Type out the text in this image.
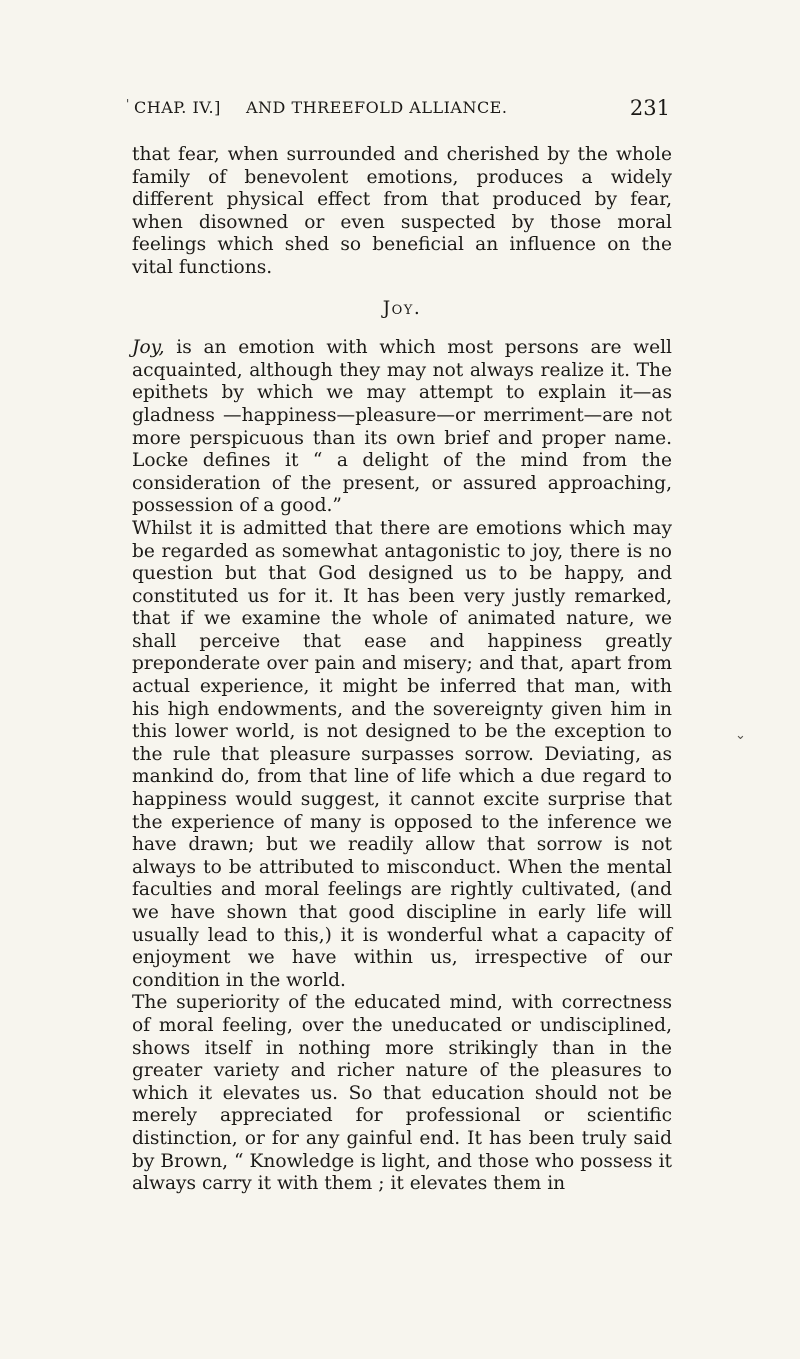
' CHAP. IV.] AND THREEFOLD ALLIANCE.	231

that fear, when surrounded and cherished by the whole family of benevolent emotions, produces a widely different physical effect from that produced by fear, when disowned or even suspected by those moral feelings which shed so beneficial an influence on the vital functions.

Joy.

Joy, is an emotion with which most persons are well acquainted, although they may not always realize it. The epithets by which we may attempt to explain it—as gladness —happiness—pleasure—or merriment—are not more perspicuous than its own brief and proper name. Locke defines it “ a delight of the mind from the consideration of the present, or assured approaching, possession of a good.”

Whilst it is admitted that there are emotions which may be regarded as somewhat antagonistic to joy, there is no question but that God designed us to be happy, and constituted us for it. It has been very justly remarked, that if we examine the whole of animated nature, we shall perceive that ease and happiness greatly preponderate over pain and misery; and that, apart from actual experience, it might be inferred that man, with his high endowments, and the sovereignty given him in this lower world, is not designed to be the exception to the rule that pleasure surpasses sorrow. Deviating, as mankind do, from that line of life which a due regard to happiness would suggest, it cannot excite surprise that the experience of many is opposed to the inference we have drawn; but we readily allow that sorrow is not always to be attributed to misconduct. When the mental faculties and moral feelings are rightly cultivated, (and we have shown that good discipline in early life will usually lead to this,) it is wonderful what a capacity of enjoyment we have within us, irrespective of our condition in the world.

The superiority of the educated mind, with correctness of moral feeling, over the uneducated or undisciplined, shows itself in nothing more strikingly than in the greater variety and richer nature of the pleasures to which it elevates us. So that education should not be merely appreciated for professional or scientific distinction, or for any gainful end. It has been truly said by Brown, “ Knowledge is light, and those who possess it always carry it with them ; it elevates them in

⌄
